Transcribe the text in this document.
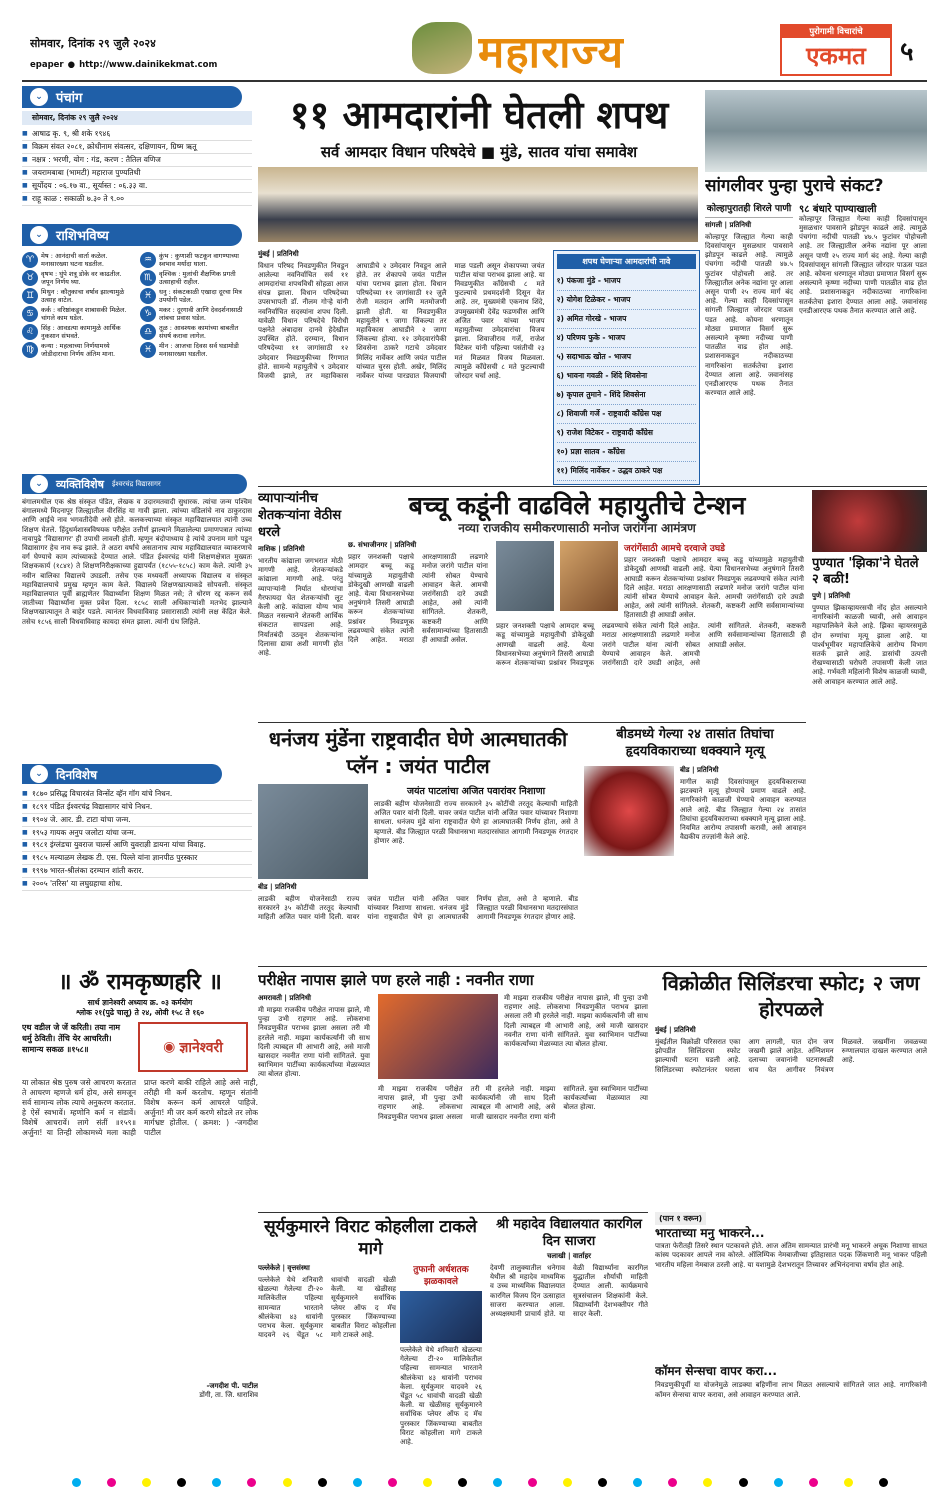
सोमवार, दिनांक २९ जुलै २०२४
epaper ● http://www.dainikekmat.com	महाराज्य	पुरोगामी विचारांचे
एकमत	५
⌄	पंचांग
सोमवार, दिनांक २९ जुलै २०२४
■ आषाढ कृ. ९, श्री शके १९४६
■ विक्रम संवत २०८१, क्रोधीनाम संवत्सर, दक्षिणायन, ग्रिष्म ऋतू
■ नक्षत्र : भरणी, योग : गंड, करण : तैतिल वणिज
■ जयरामबाबा (भामटी) महाराज पुण्यतिथी
■ सूर्योदय : ०६.१७ वा., सूर्यास्त : ०६.३३ वा.
■ राहू काळ : सकाळी ७.३० ते ९.००
⌄	राशिभविष्य
♈	मेष : आनंदाची वार्ता कळेल. मनासारख्या घटना घडतील.	♒	कुंभ : कुणाशी फटकून वागण्याच्या स्वभाव मर्यादा घाला.
♉	वृषभ : घुंपे शत्रू डोके वर काढतील. जपून निर्णय घ्या.	♏	वृश्चिक : मुलांची शैक्षणिक प्रगती उत्साहाची राहील.
♊	मिथुन : कौतुकाचा वर्षाव झाल्यामुळे उत्साह वाटेल.	♓	धनु : संकटकाळी एखादा दूरचा मित्र उपयोगी पडेल.
♋	कर्क : वरिष्ठांकडून शाबासकी मिळेल. चांगले काम घडेल.	♑	मकर : दूरगावी आणि देवदर्शनासाठी लांबचा प्रवास घडेल.
♌	सिंह : आवडत्या कामामुळे आर्थिक नुकसान संभवते.	♎	तूळ : आवश्यक कामांच्या बाबतीत संघर्ष करावा लागेल.
♍	कन्या : महत्वाच्या निर्णयामध्ये जोडीदाराचा निर्णय अंतिम माना.	♓	मीन : आजचा दिवस सर्व घडामोडी मनासारख्या घडतील.
⌄	व्यक्तिविशेष ईश्वरचंद्र विद्यासागर
बंगालमधील एक श्रेष्ठ संस्कृत पंडित, लेखक व उदारमतवादी सुधारक. त्यांचा जन्म पश्चिम बंगालमध्ये मिदनापूर जिल्ह्यातील वीरसिंह या गावी झाला. त्यांच्या वडिलांचे नाव ठाकुरदास आणि आईचे नाव भगवतीदेवी असे होते. कलकत्त्याच्या संस्कृत महाविद्यालयात त्यांनी उच्च शिक्षण घेतले. हिंदुधर्मशास्त्रविषयक परीक्षेत उत्तीर्ण झाल्याने मिळालेल्या प्रमाणपत्रात त्यांच्या नावापुढे 'विद्यासागर' ही उपाधी लावली होती. म्हणून बंदोपाध्याय हे त्यांचे उपनाम मागे पडून विद्यासागर हेच नाव रूढ झाले. ते अठरा वर्षांचे असतानाच त्याच महाविद्यालयात व्याकरणाचे वर्ग घेण्याचे काम त्यांच्याकडे देण्यात आले. पंडित ईश्वरचंद्र यांनी शिक्षणक्षेत्रात मुख्यतः शिक्षककार्य (१८४१) ते शिक्षणनिरीक्षकाच्या हुद्यापर्यंत (१८५५-१८५८) काम केले. त्यांनी ३५ नवीन बालिका विद्यालये उघडली. तसेच एक मध्यवर्ती अध्यापक विद्यालय व संस्कृत महाविद्यालयाचे प्रमुख म्हणून काम केले. विद्यालये शिक्षणखात्याकडे सोपवली. संस्कृत महाविद्यालयात पूर्वी ब्राह्मणेतर विद्यार्थ्यांना शिक्षण मिळत नसे; ते धोरण रद्द करून सर्व जातीच्या विद्यार्थ्यांना मुक्त प्रवेश दिला. १८५८ साली अधिकाऱ्यांशी मतभेद झाल्याने शिक्षणखात्यातून ते बाहेर पडले. त्यानंतर विधवाविवाह प्रसारासाठी त्यांनी लक्ष केंद्रित केले. तसेच १८५६ साली विधवाविवाह कायदा संमत झाला. त्यांनी ग्रंथ लिहिले.
⌄	दिनविशेष
■ १८७० प्रसिद्ध विचारवंत विन्सेंट व्हॅन गॉग यांचे निधन.
■ १८९१ पंडित ईश्वरचंद्र विद्यासागर यांचे निधन.
■ १९०४ जे. आर. डी. टाटा यांचा जन्म.
■ १९५३ गायक अनुप जलोटा यांचा जन्म.
■ १९८१ इंग्लंडचा युवराज चार्ल्स आणि युवराज्ञी डायना यांचा विवाह.
■ १९८५ मल्याळम लेखक टी. एस. पिल्ले यांना ज्ञानपीठ पुरस्कार
■ १९९७ भारत-श्रीलंका दरम्यान शांती करार.
■ २००५ 'तरिस' या लघुग्रहाचा शोध.
॥ ॐ रामकृष्णहरि ॥
सार्थ ज्ञानेश्वरी अध्याय क्र. ०३ कर्मयोग
श्लोक २१(पुढे चालू) ते २४, ओवी १५८ ते १६०
एथ वडील जे जें करिती। तया नाम धर्मु ठेविती। तेंचि येर आचरिती। सामान्य सकळ ॥१५८॥	◉ ज्ञानेश्वरी
या लोकात श्रेष्ठ पुरुष जसे आचरण करतात ते आचरण म्हणजे धर्म होय, असे समजून सर्व सामान्य लोक त्याचे अनुकरण करतात. हे ऐसें स्वभावें। म्हणोनि कर्म न संडावें। विशेषें आचरावें। लागे संतीं ॥१५९॥ अर्जुना! या तिन्ही लोकामध्ये मला काही प्राप्त करणे बाकी राहिले आहे असे नाही, तरीही मी कर्म करतोच. म्हणून संतांनी विशेष करून कर्म आचरले पाहिजे. अर्जुना! मी जर कर्म करणे सोडले तर लोक मार्गभ्रष्ट होतील. ( क्रमश: ) -जगदीश पाटील
-जगदीश पी. पाटील
डोंगी, ता. जि. धाराशिव
११ आमदारांनी घेतली शपथ
सर्व आमदार विधान परिषदेचे ■ मुंडे, सातव यांचा समावेश
मुंबई | प्रतिनिधी
विधान परिषद निवडणुकीत निवडून आलेल्या नवनिर्वाचित सर्व ११ आमदारांचा शपथविधी सोहळा आज संपन्न झाला. विधान परिषदेच्या उपसभापती डॉ. नीलम गोऱ्हे यांनी नवनिर्वाचित सदस्यांना शपथ दिली. यावेळी विधान परिषदेचे विरोधी पक्षनेते अंबादास दानवे हेदेखील उपस्थित होते. दरम्यान, विधान परिषदेच्या ११ जागांसाठी १२ उमेदवार निवडणुकीच्या रिंगणात होते. सामन्ये महायुतीचे ९ उमेदवार विजयी झाले, तर महाविकास आघाडीचे २ उमेदवार निवडून आले होते. तर शेकापचे जयंत पाटील यांचा पराभव झाला होता. विधान परिषदेच्या ११ जागांसाठी १२ जुलै रोजी मतदान आणि मतमोजणी झाली होती. या निवडणुकीत महायुतीने ९ जागा जिंकल्या तर महाविकास आघाडीने २ जागा जिंकल्या होत्या. १२ उमेदवारांपैकी शिवसेना ठाकरे गटाचे उमेदवार मिलिंद नार्वेकर आणि जयंत पाटील यांच्यात चुरस होती. अखेर, मिलिंद नार्वेकर यांच्या पारड्यात विजयाची माळ पडली असून शेकापच्या जयंत पाटील यांचा पराभव झाला आहे. या निवडणुकीत काँग्रेसची ८ मते फुटल्याचे प्रथमदर्शनी दिसून येत आहे. तर, मुख्यमंत्री एकनाथ शिंदे, उपमुख्यमंत्री देवेंद्र फडणवीस आणि अजित पवार यांच्या भाजप महायुतीच्या उमेदवारांचा विजय झाला. शिवाजीराव गर्जे, राजेश विटेकर यांनी पहिल्या पसंतीची २३ मतं मिळवत विजय मिळवला. त्यामुळे काँग्रेसची ८ मते फुटल्याची जोरदार चर्चा आहे.
शपथ घेणाऱ्या आमदारांची नावे
१) पंकजा मुंडे - भाजप
२) योगेश टिळेकर - भाजप
३) अमित गोरखे - भाजप
४) परिणय फुके - भाजप
५) सदाभाऊ खोत - भाजप
६) भावना गवळी - शिंदे शिवसेना
७) कृपाल तुमाने - शिंदे शिवसेना
८) शिवाजी गर्जे - राष्ट्रवादी काँग्रेस पक्ष
९) राजेश विटेकर - राष्ट्रवादी काँग्रेस
१०) प्रज्ञा सातव - काँग्रेस
११) मिलिंद नार्वेकर - उद्धव ठाकरे पक्ष
सांगलीवर पुन्हा पुराचे संकट?
कोल्हापुरातही शिरले पाणी
सांगली | प्रतिनिधी
कोल्हापूर जिल्ह्यात गेल्या काही दिवसांपासून मुसळधार पावसाने झोडपून काढले आहे. त्यामुळे पंचगंगा नदीची पातळी ४७.५ फुटांवर पोहोचली आहे. तर जिल्ह्यातील अनेक नद्यांना पूर आला असून पाणी २५ राज्य मार्ग बंद आहे. गेल्या काही दिवसांपासून सांगली जिल्ह्यात जोरदार पाऊस पडत आहे. कोयना धरणातून मोठ्या प्रमाणात विसर्ग सुरू असल्याने कृष्णा नदीच्या पाणी पातळीत वाढ होत आहे. प्रशासनाकडून नदीकाठच्या नागरिकांना सतर्कतेचा इशारा देण्यात आला आहे. जवानांसह एनडीआरएफ पथक तैनात करण्यात आले आहे.
९८ बंधारे पाण्याखाली
कोल्हापूर जिल्ह्यात गेल्या काही दिवसांपासून मुसळधार पावसाने झोडपून काढले आहे. त्यामुळे पंचगंगा नदीची पातळी ४७.५ फुटांवर पोहोचली आहे. तर जिल्ह्यातील अनेक नद्यांना पूर आला असून पाणी २५ राज्य मार्ग बंद आहे. गेल्या काही दिवसांपासून सांगली जिल्ह्यात जोरदार पाऊस पडत आहे. कोयना धरणातून मोठ्या प्रमाणात विसर्ग सुरू असल्याने कृष्णा नदीच्या पाणी पातळीत वाढ होत आहे. प्रशासनाकडून नदीकाठच्या नागरिकांना सतर्कतेचा इशारा देण्यात आला आहे. जवानांसह एनडीआरएफ पथक तैनात करण्यात आले आहे.
व्यापाऱ्यांनीच शेतकऱ्यांना वेठीस धरले
नाशिक | प्रतिनिधी
भारतीय कांद्याला जगभरात मोठी मागणी आहे. शेतकऱ्यांकडे कांद्याला मागणी आहे. परंतु व्यापाऱ्यांनी निर्यात धोरणांचा गैरफायदा घेत शेतकऱ्यांची लूट केली आहे. कांद्याला योग्य भाव मिळत नसल्याने शेतकरी आर्थिक संकटात सापडला आहे. निर्यातबंदी उठवून शेतकऱ्यांना दिलासा द्यावा अशी मागणी होत आहे.
बच्चू कडूंनी वाढविले महायुतीचे टेन्शन
नव्या राजकीय समीकरणासाठी मनोज जरांगेंना आमंत्रण
छ. संभाजीनगर | प्रतिनिधी
प्रहार जनशक्ती पक्षाचे आमदार बच्चू कडू यांच्यामुळे महायुतीची डोकेदुखी आणखी वाढली आहे. येत्या विधानसभेच्या अनुषंगाने तिसरी आघाडी करून शेतकऱ्यांच्या प्रश्नांवर निवडणूक लढवण्याचे संकेत त्यांनी दिले आहेत. मराठा आरक्षणासाठी लढणारे मनोज जरांगे पाटील यांना त्यांनी सोबत येण्याचे आवाहन केले. आमची जरांगेंसाठी दारे उघडी आहेत, असे त्यांनी सांगितले. शेतकरी, कष्टकरी आणि सर्वसामान्यांच्या हितासाठी ही आघाडी असेल.
जरांगेंसाठी आमचे दरवाजे उघडे
प्रहार जनशक्ती पक्षाचे आमदार बच्चू कडू यांच्यामुळे महायुतीची डोकेदुखी आणखी वाढली आहे. येत्या विधानसभेच्या अनुषंगाने तिसरी आघाडी करून शेतकऱ्यांच्या प्रश्नांवर निवडणूक लढवण्याचे संकेत त्यांनी दिले आहेत. मराठा आरक्षणासाठी लढणारे मनोज जरांगे पाटील यांना त्यांनी सोबत येण्याचे आवाहन केले. आमची जरांगेंसाठी दारे उघडी आहेत, असे त्यांनी सांगितले. शेतकरी, कष्टकरी आणि सर्वसामान्यांच्या हितासाठी ही आघाडी असेल.
प्रहार जनशक्ती पक्षाचे आमदार बच्चू कडू यांच्यामुळे महायुतीची डोकेदुखी आणखी वाढली आहे. येत्या विधानसभेच्या अनुषंगाने तिसरी आघाडी करून शेतकऱ्यांच्या प्रश्नांवर निवडणूक लढवण्याचे संकेत त्यांनी दिले आहेत. मराठा आरक्षणासाठी लढणारे मनोज जरांगे पाटील यांना त्यांनी सोबत येण्याचे आवाहन केले. आमची जरांगेंसाठी दारे उघडी आहेत, असे त्यांनी सांगितले. शेतकरी, कष्टकरी आणि सर्वसामान्यांच्या हितासाठी ही आघाडी असेल.
पुण्यात 'झिका'ने घेतले २ बळी!
पुणे | प्रतिनिधी
पुण्यात झिकाव्हायरसची नोंद होत असल्याने नागरिकांनी काळजी घ्यावी, असे आवाहन महापालिकेने केले आहे. झिका व्हायरसमुळे दोन रुग्णांचा मृत्यू झाला आहे. या पार्श्वभूमीवर महापालिकेचे आरोग्य विभाग सतर्क झाले आहे. डासांची उत्पत्ती रोखण्यासाठी घरोघरी तपासणी केली जात आहे. गर्भवती महिलांनी विशेष काळजी घ्यावी, असे आवाहन करण्यात आले आहे.
धनंजय मुंडेंना राष्ट्रवादीत घेणे आत्मघातकी प्लॅन : जयंत पाटील
जयंत पाटलांचा अजित पवारांवर निशाणा
लाडकी बहीण योजनेसाठी राज्य सरकारने ३५ कोटींची तरतूद केल्याची माहिती अजित पवार यांनी दिली. यावर जयंत पाटील यांनी अजित पवार यांच्यावर निशाणा साधला. धनंजय मुंडे यांना राष्ट्रवादीत घेणे हा आत्मघातकी निर्णय होता, असे ते म्हणाले. बीड जिल्ह्यात परळी विधानसभा मतदारसंघात आगामी निवडणूक रंगतदार होणार आहे.
बीड | प्रतिनिधी
लाडकी बहीण योजनेसाठी राज्य सरकारने ३५ कोटींची तरतूद केल्याची माहिती अजित पवार यांनी दिली. यावर जयंत पाटील यांनी अजित पवार यांच्यावर निशाणा साधला. धनंजय मुंडे यांना राष्ट्रवादीत घेणे हा आत्मघातकी निर्णय होता, असे ते म्हणाले. बीड जिल्ह्यात परळी विधानसभा मतदारसंघात आगामी निवडणूक रंगतदार होणार आहे.
बीडमध्ये गेल्या २४ तासांत तिघांचा हृदयविकाराच्या धक्क्याने मृत्यू
बीड | प्रतिनिधी
मागील काही दिवसांपासून हृदयविकाराच्या झटक्याने मृत्यू होण्याचे प्रमाण वाढले आहे. नागरिकांनी काळजी घेण्याचे आवाहन करण्यात आले आहे. बीड जिल्ह्यात गेल्या २४ तासांत तिघांचा हृदयविकाराच्या धक्क्याने मृत्यू झाला आहे. नियमित आरोग्य तपासणी करावी, असे आवाहन वैद्यकीय तज्ज्ञांनी केले आहे.
परीक्षेत नापास झाले पण हरले नाही : नवनीत राणा
अमरावती | प्रतिनिधी
मी माझ्या राजकीय परीक्षेत नापास झाले, मी पुन्हा उभी राहणार आहे. लोकसभा निवडणुकीत पराभव झाला असला तरी मी हरलेले नाही. माझ्या कार्यकर्त्यांनी जी साथ दिली त्याबद्दल मी आभारी आहे, असे माजी खासदार नवनीत राणा यांनी सांगितले. युवा स्वाभिमान पार्टीच्या कार्यकर्त्यांच्या मेळाव्यात त्या बोलत होत्या.
मी माझ्या राजकीय परीक्षेत नापास झाले, मी पुन्हा उभी राहणार आहे. लोकसभा निवडणुकीत पराभव झाला असला तरी मी हरलेले नाही. माझ्या कार्यकर्त्यांनी जी साथ दिली त्याबद्दल मी आभारी आहे, असे माजी खासदार नवनीत राणा यांनी सांगितले. युवा स्वाभिमान पार्टीच्या कार्यकर्त्यांच्या मेळाव्यात त्या बोलत होत्या.
मी माझ्या राजकीय परीक्षेत नापास झाले, मी पुन्हा उभी राहणार आहे. लोकसभा निवडणुकीत पराभव झाला असला तरी मी हरलेले नाही. माझ्या कार्यकर्त्यांनी जी साथ दिली त्याबद्दल मी आभारी आहे, असे माजी खासदार नवनीत राणा यांनी सांगितले. युवा स्वाभिमान पार्टीच्या कार्यकर्त्यांच्या मेळाव्यात त्या बोलत होत्या.
विक्रोळीत सिलिंडरचा स्फोट; २ जण होरपळले
मुंबई | प्रतिनिधी
मुंबईतील विक्रोळी परिसरात एका झोपडीत सिलिंडरचा स्फोट झाल्याची घटना घडली आहे. सिलिंडरच्या स्फोटानंतर घराला आग लागली, यात दोन जण जखमी झाले आहेत. अग्निशमन दलाच्या जवानांनी घटनास्थळी धाव घेत आगीवर नियंत्रण मिळवले. जखमींना जवळच्या रुग्णालयात दाखल करण्यात आले आहे.
सूर्यकुमारने विराट कोहलीला टाकले मागे
पल्लेकेले | वृत्तसंस्था
पल्लेकेले येथे शनिवारी खेळल्या गेलेल्या टी-२० मालिकेतील पहिल्या सामन्यात भारताने श्रीलंकेचा ४३ धावांनी पराभव केला. सूर्यकुमार यादवने २६ चेंडूत ५८ धावांची वादळी खेळी केली. या खेळीसह सूर्यकुमारने सर्वाधिक प्लेयर ऑफ द मॅच पुरस्कार जिंकण्याच्या बाबतीत विराट कोहलीला मागे टाकले आहे.
तुफानी अर्धशतक झळकावले
पल्लेकेले येथे शनिवारी खेळल्या गेलेल्या टी-२० मालिकेतील पहिल्या सामन्यात भारताने श्रीलंकेचा ४३ धावांनी पराभव केला. सूर्यकुमार यादवने २६ चेंडूत ५८ धावांची वादळी खेळी केली. या खेळीसह सूर्यकुमारने सर्वाधिक प्लेयर ऑफ द मॅच पुरस्कार जिंकण्याच्या बाबतीत विराट कोहलीला मागे टाकले आहे.
श्री महादेव विद्यालयात कारगिल दिन साजरा
चलाखी | वार्ताहर
देवणी तालुक्यातील धनेगाव येथील श्री महादेव माध्यमिक व उच्च माध्यमिक विद्यालयात कारगिल विजय दिन उत्साहात साजरा करण्यात आला. अध्यक्षस्थानी प्राचार्य होते. या वेळी विद्यार्थ्यांना कारगिल युद्धातील शौर्याची माहिती देण्यात आली. कार्यक्रमाचे सूत्रसंचालन शिक्षकांनी केले. विद्यार्थ्यांनी देशभक्तीपर गीते सादर केली.
(पान १ वरून)
भारताच्या मनु भाकरने...
पात्रता फेरीतही तिसरे स्थान पटकावले होते. आज अंतिम सामन्यात प्रारंभी मनू भाकरने अचूक निशाणा साधत कांस्य पदकावर आपले नाव कोरले. ऑलिम्पिक नेमबाजीच्या इतिहासात पदक जिंकणारी मनू भाकर पहिली भारतीय महिला नेमबाज ठरली आहे. या यशामुळे देशभरातून तिच्यावर अभिनंदनाचा वर्षाव होत आहे.
कॉमन सेन्सचा वापर करा...
निवडणुकीपूर्वी या योजनेमुळे लाडक्या बहिणींना लाभ मिळत असल्याचे सांगितले जात आहे. नागरिकांनी कॉमन सेन्सचा वापर करावा, असे आवाहन करण्यात आले.
